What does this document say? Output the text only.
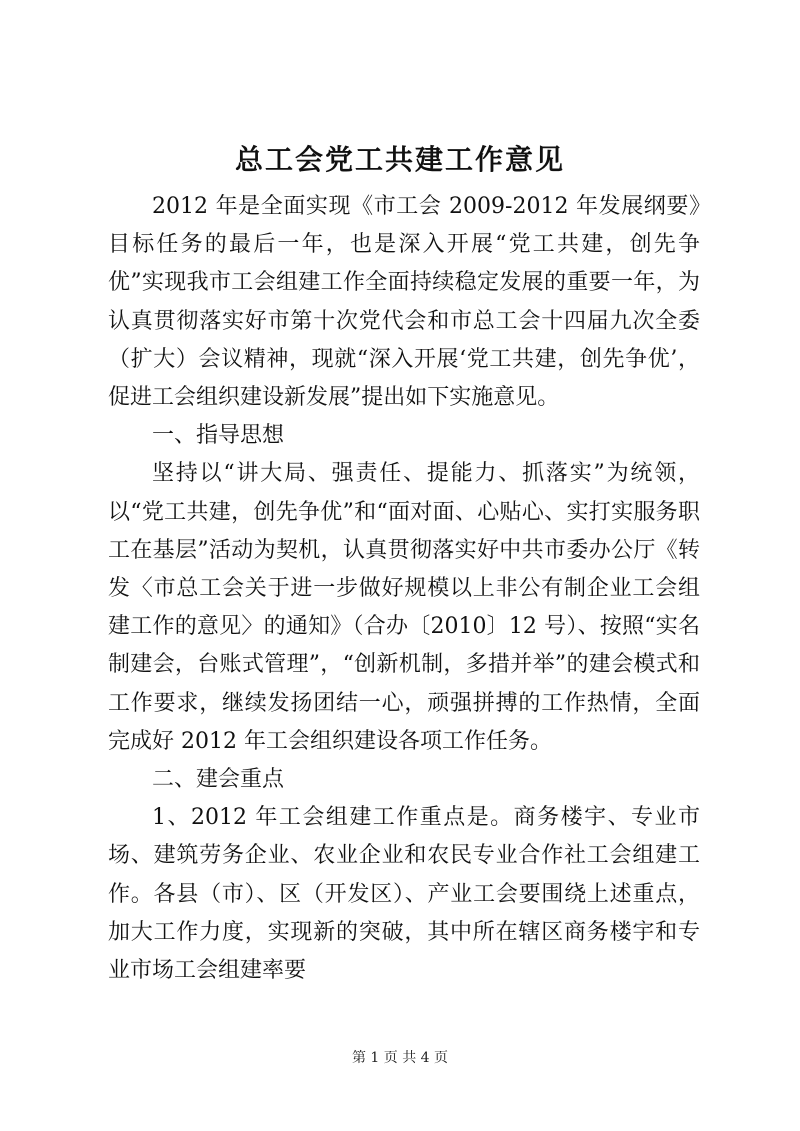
总工会党工共建工作意见

2012 年是全面实现《市工会 2009-2012 年发展纲要》目标任务的最后一年，也是深入开展“党工共建，创先争优”实现我市工会组建工作全面持续稳定发展的重要一年，为认真贯彻落实好市第十次党代会和市总工会十四届九次全委（扩大）会议精神，现就“深入开展‘党工共建，创先争优’，促进工会组织建设新发展”提出如下实施意见。

一、指导思想

坚持以“讲大局、强责任、提能力、抓落实”为统领，以“党工共建，创先争优”和“面对面、心贴心、实打实服务职工在基层”活动为契机，认真贯彻落实好中共市委办公厅《转发〈市总工会关于进一步做好规模以上非公有制企业工会组建工作的意见〉的通知》（合办〔2010〕12 号）、按照“实名制建会，台账式管理”，“创新机制，多措并举”的建会模式和工作要求，继续发扬团结一心，顽强拼搏的工作热情，全面完成好 2012 年工会组织建设各项工作任务。

二、建会重点

1、2012 年工会组建工作重点是。商务楼宇、专业市场、建筑劳务企业、农业企业和农民专业合作社工会组建工作。各县（市）、区（开发区）、产业工会要围绕上述重点，加大工作力度，实现新的突破，其中所在辖区商务楼宇和专业市场工会组建率要

第 1 页 共 4 页
